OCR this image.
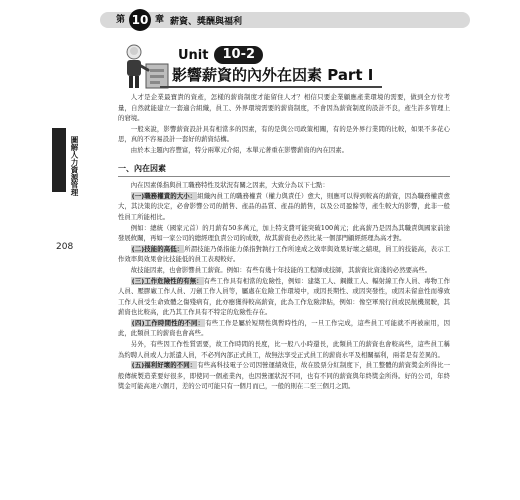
第 10 章 薪資、獎酬與福利
圖解人力資源管理
208
Unit	10-2
影響薪資的內外在因素 Part Ⅰ

人才是企業最寶貴的資產，怎樣的薪資制度才能留住人才？相信只要企業顧應產業環境的需要，做到全方位考量，自然就能建立一套適合組織，員工、外界環境需要的薪資制度，不會因為薪資制度的設計不良，產生許多管理上的窘境。

一般來說，影響薪資設計具有相當多的因素，有的是與公司政策相關，有的是外界行業間的比較，如果不多花心思，真的不容易設計一套好的薪資結構。

由於本主題內容豐富，特分兩單元介紹，本單元著重在影響薪資的內在因素。

一、內在因素

內在因素係指與員工職務特性及狀況有關之因素，大致分為以下七點：

(一)職務權責的大小：組織內員工的職務權責（權力與責任）愈大，則應可以得到較高的薪資，因為職務權責愈大，其決策的決定，必會影響公司的銷售、產品的品質、產品的銷售，以及公司盈餘等，產生較大的影響，此非一般性員工所能相比。

例如：總統（國家元首）的月薪有50多萬元，加上特支費可能突破100萬元；此高薪乃是因為其職責與國家前途發展攸關，再如一家公司的總經理負責公司的成敗，故其薪資也必然比某一個部門顧經經理為高才對。

(二)技能的高低：所謂技能乃係指能力係指對執行工作所達成之效率與效果好壞之績現，員工的技能高，表示工作效率與效果會比技能低的員工表現較好。

故技能因素，也會影響員工薪資。例如：有些有幾十年技能的工程師或技師，其薪資比資淺的必然要高些。

(三)工作危險性的有無：有些工作具有相當的危險性，例如：建築工人、鋼鐵工人、輻射線工作人員、毒物工作人員、壓膠廠工作人員、刀劍工作人員等，屬處在危險工作環境中，或因長期性、或因突發性，或因未留意性而導致工作人員受生命致體之傷殘病有，此亦應獲得較高薪資，此為工作危險津貼，例如：像空軍飛行員或民航機駕駛，其薪資也比較高，此乃其工作具有不特定的危險性存在。

(四)工作時間性的不同：有些工作是屬於短期性與暫時性的，一旦工作完成，這些員工可能就不再被雇用，因此，此類員工的薪資也會高些。

另外，有些因工作性質需要，故工作時間的長度，比一般八小時還長，此類員工的薪資也會較高些，這些員工稱為約聘人員或人力派遣人員，不必列內部正式員工，故無法享受正式員工的薪資水平及相關福利，兩者是有差異的。

(五)福利好壞的不同：有些高科技電子公司因營運績效佳，故在股票分紅制度下，員工整體的薪資獎金所得比一般傳統製造業要好很多，即使同一個產業內，也因營運狀況不同，也有不同的薪資與年終獎金所得。好的公司，年終獎金可能高達六個月，差的公司可能只有一個月而已，一般的則在二至三個月之間。
